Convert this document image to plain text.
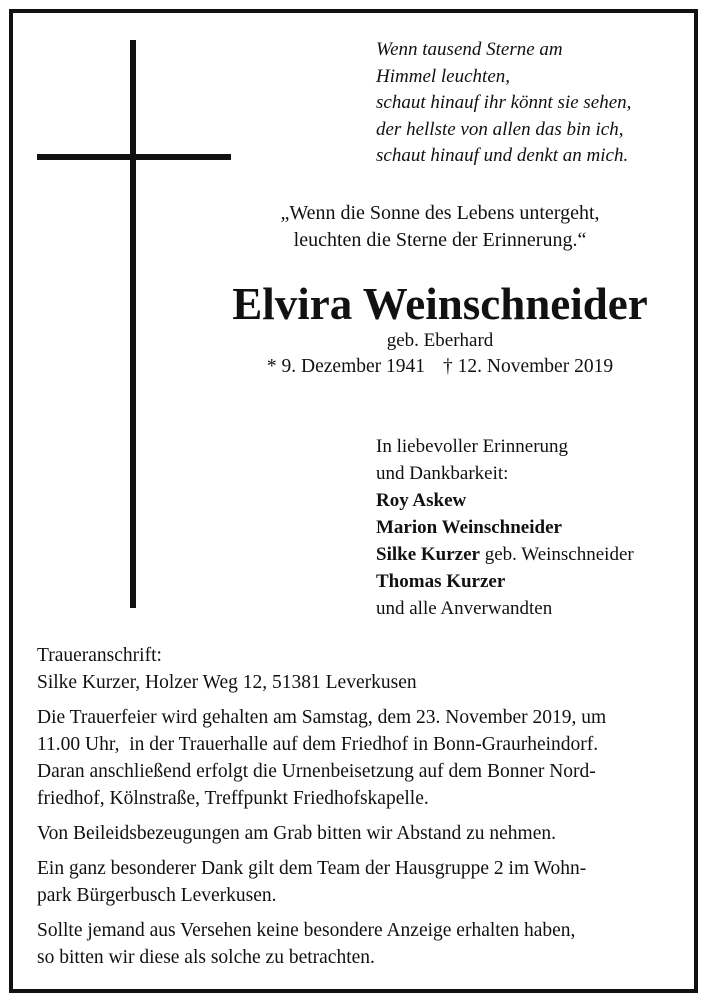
Wenn tausend Sterne am
Himmel leuchten,
schaut hinauf ihr könnt sie sehen,
der hellste von allen das bin ich,
schaut hinauf und denkt an mich.
„Wenn die Sonne des Lebens untergeht,
leuchten die Sterne der Erinnerung.“
Elvira Weinschneider
geb. Eberhard
* 9. Dezember 1941 † 12. November 2019
In liebevoller Erinnerung
und Dankbarkeit:
Roy Askew
Marion Weinschneider
Silke Kurzer geb. Weinschneider
Thomas Kurzer
und alle Anverwandten

Traueranschrift:

Silke Kurzer, Holzer Weg 12, 51381 Leverkusen

Die Trauerfeier wird gehalten am Samstag, dem 23. November 2019, um

11.00 Uhr,  in der Trauerhalle auf dem Friedhof in Bonn-Graurheindorf.

Daran anschließend erfolgt die Urnenbeisetzung auf dem Bonner Nord-

friedhof, Kölnstraße, Treffpunkt Friedhofskapelle.

Von Beileidsbezeugungen am Grab bitten wir Abstand zu nehmen.

Ein ganz besonderer Dank gilt dem Team der Hausgruppe 2 im Wohn-

park Bürgerbusch Leverkusen.

Sollte jemand aus Versehen keine besondere Anzeige erhalten haben,

so bitten wir diese als solche zu betrachten.
